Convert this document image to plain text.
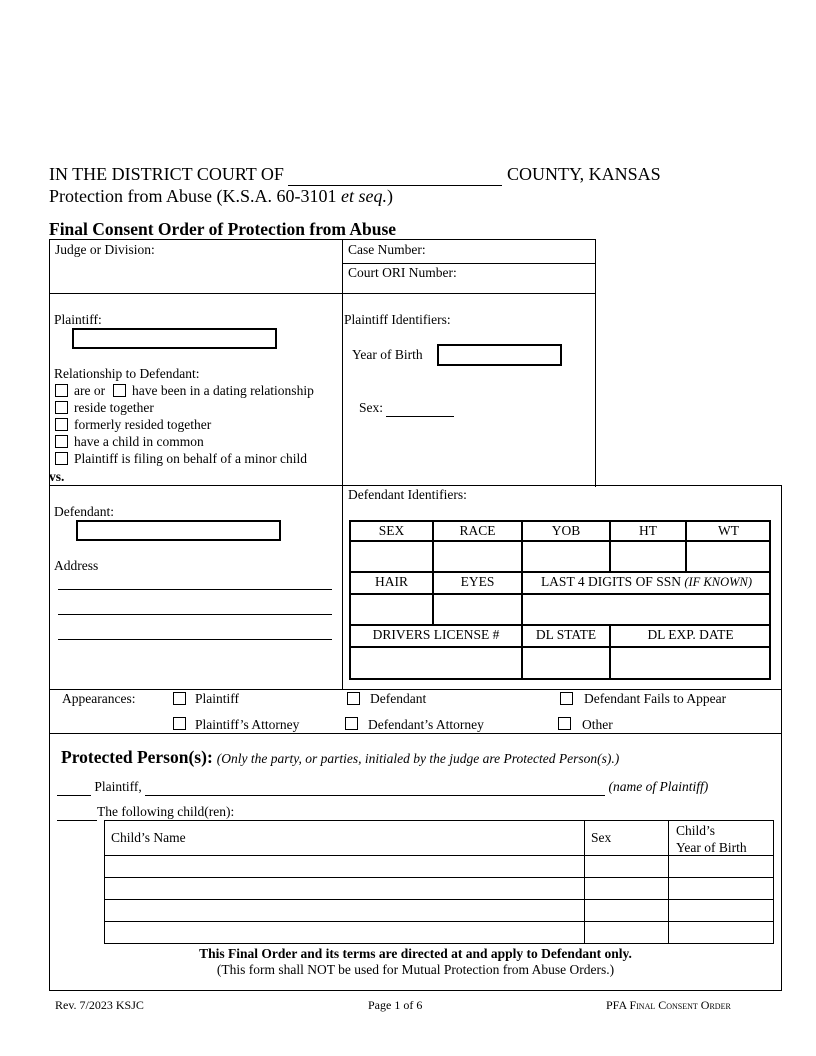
IN THE DISTRICT COURT OF	COUNTY, KANSAS
Protection from Abuse (K.S.A. 60-3101 et seq.)
Final Consent Order of Protection from Abuse
Judge or Division:	Case Number:
Court ORI Number:
Plaintiff:	Plaintiff Identifiers:
Year of Birth
Sex:
Relationship to Defendant:
are or have been in a dating relationship
reside together
formerly resided together
have a child in common
Plaintiff is filing on behalf of a minor child
vs.
Defendant:
Address
Defendant Identifiers:
SEX	RACE	YOB	HT	WT
HAIR	EYES	LAST 4 DIGITS OF SSN (IF KNOWN)
DRIVERS LICENSE #	DL STATE	DL EXP. DATE
Appearances:	Plaintiff	Defendant	Defendant Fails to Appear
Plaintiff’s Attorney	Defendant’s Attorney	Other
Protected Person(s): (Only the party, or parties, initialed by the judge are Protected Person(s).)
Plaintiff,	(name of Plaintiff)
The following child(ren):
Child’s Name	Sex	Child’s
Year of Birth
This Final Order and its terms are directed at and apply to Defendant only.
(This form shall NOT be used for Mutual Protection from Abuse Orders.)
Rev. 7/2023 KSJC	Page 1 of 6	PFA Final Consent Order
